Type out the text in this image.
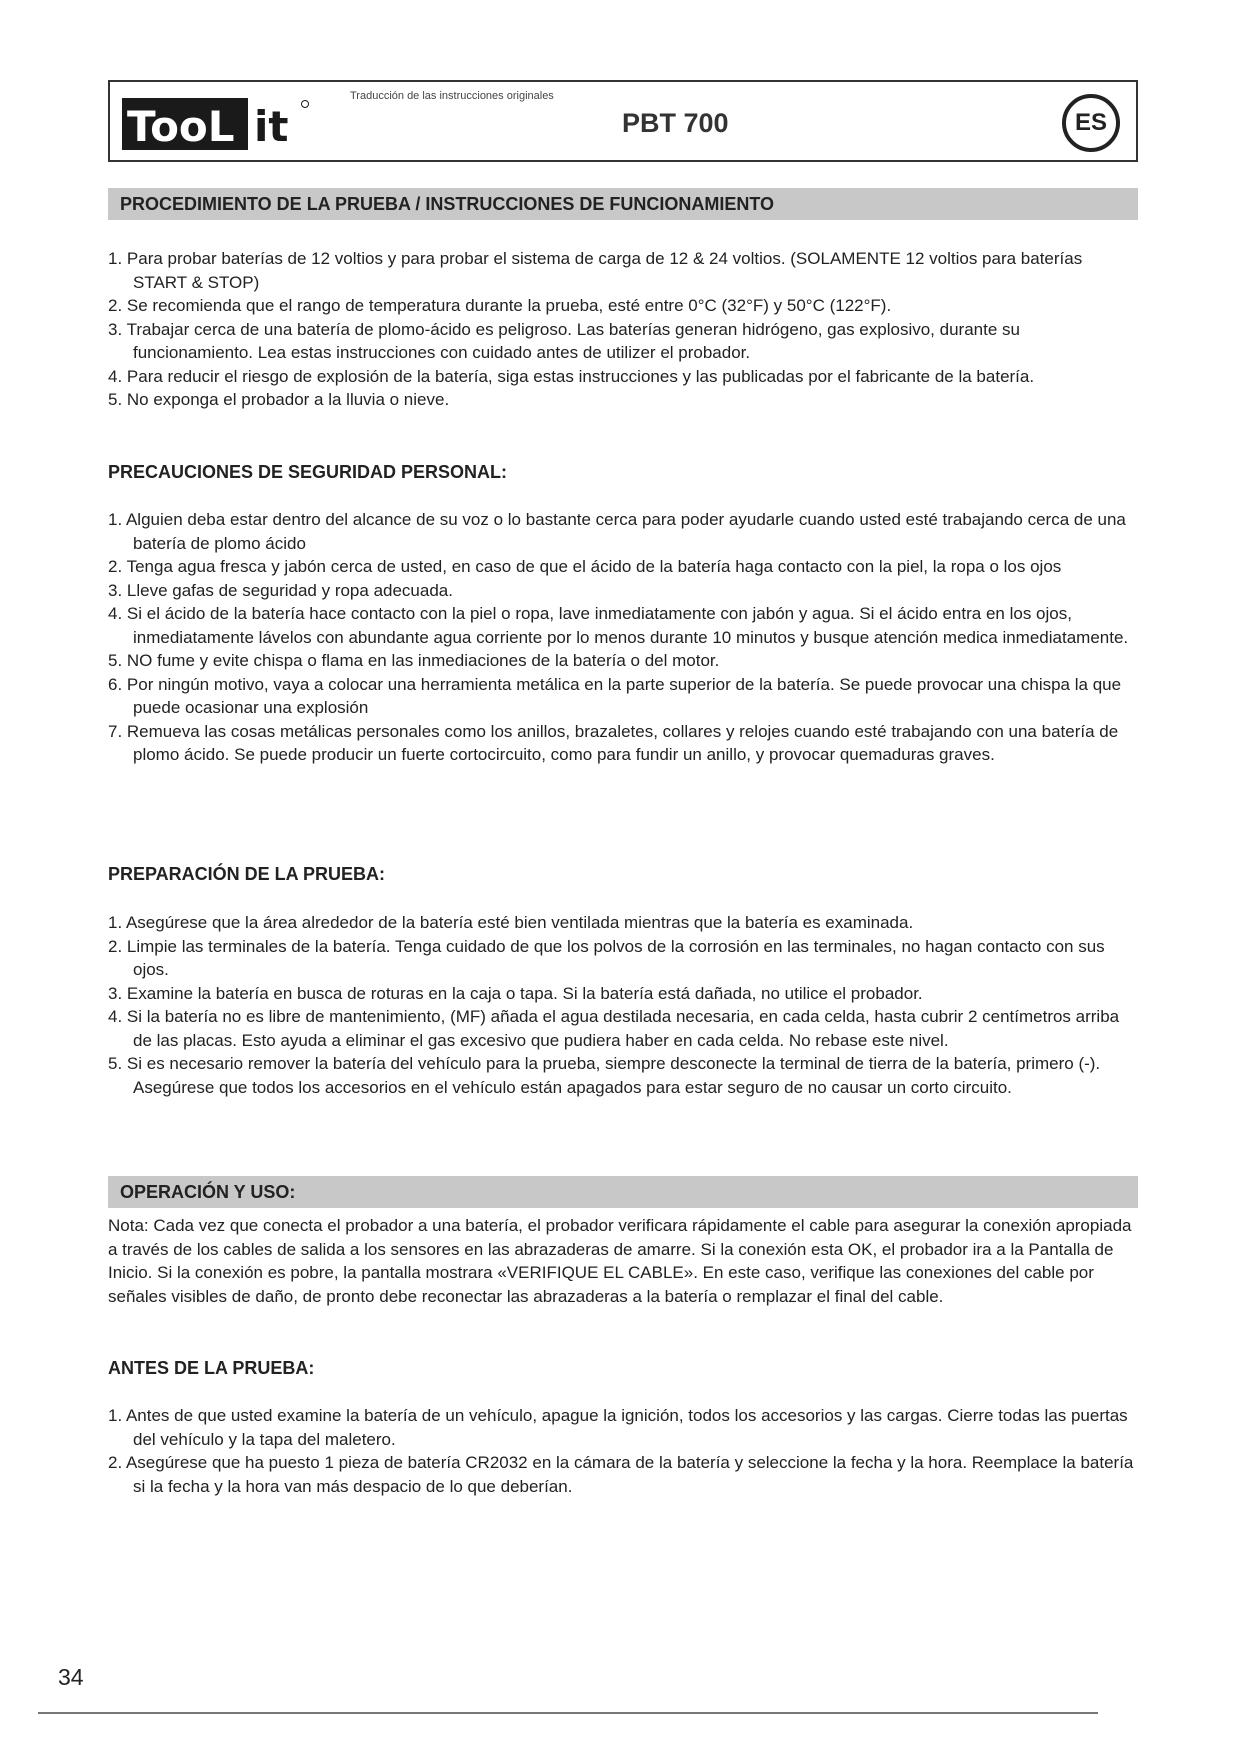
TooL it
Traducción de las instrucciones originales
PBT 700	ES
PROCEDIMIENTO DE LA PRUEBA / INSTRUCCIONES DE FUNCIONAMIENTO
1. Para probar baterías de 12 voltios y para probar el sistema de carga de 12 & 24 voltios. (SOLAMENTE 12 voltios para baterías START & STOP)
2. Se recomienda que el rango de temperatura durante la prueba, esté entre 0°C (32°F) y 50°C (122°F).
3. Trabajar cerca de una batería de plomo-ácido es peligroso. Las baterías generan hidrógeno, gas explosivo, durante su funcionamiento. Lea estas instrucciones con cuidado antes de utilizer el probador.
4. Para reducir el riesgo de explosión de la batería, siga estas instrucciones y las publicadas por el fabricante de la batería.
5. No exponga el probador a la lluvia o nieve.
PRECAUCIONES DE SEGURIDAD PERSONAL:
1. Alguien deba estar dentro del alcance de su voz o lo bastante cerca para poder ayudarle cuando usted esté trabajando cerca de una batería de plomo ácido
2. Tenga agua fresca y jabón cerca de usted, en caso de que el ácido de la batería haga contacto con la piel, la ropa o los ojos
3. Lleve gafas de seguridad y ropa adecuada.
4. Si el ácido de la batería hace contacto con la piel o ropa, lave inmediatamente con jabón y agua. Si el ácido entra en los ojos, inmediatamente lávelos con abundante agua corriente por lo menos durante 10 minutos y busque atención medica inmediatamente.
5. NO fume y evite chispa o flama en las inmediaciones de la batería o del motor.
6. Por ningún motivo, vaya a colocar una herramienta metálica en la parte superior de la batería. Se puede provocar una chispa la que puede ocasionar una explosión
7. Remueva las cosas metálicas personales como los anillos, brazaletes, collares y relojes cuando esté trabajando con una batería de plomo ácido. Se puede producir un fuerte cortocircuito, como para fundir un anillo, y provocar quemaduras graves.
PREPARACIÓN DE LA PRUEBA:
1. Asegúrese que la área alrededor de la batería esté bien ventilada mientras que la batería es examinada.
2. Limpie las terminales de la batería. Tenga cuidado de que los polvos de la corrosión en las terminales, no hagan contacto con sus ojos.
3. Examine la batería en busca de roturas en la caja o tapa. Si la batería está dañada, no utilice el probador.
4. Si la batería no es libre de mantenimiento, (MF) añada el agua destilada necesaria, en cada celda, hasta cubrir 2 centímetros arriba de las placas. Esto ayuda a eliminar el gas excesivo que pudiera haber en cada celda. No rebase este nivel.
5. Si es necesario remover la batería del vehículo para la prueba, siempre desconecte la terminal de tierra de la batería, primero (-). Asegúrese que todos los accesorios en el vehículo están apagados para estar seguro de no causar un corto circuito.
OPERACIÓN Y USO:

Nota: Cada vez que conecta el probador a una batería, el probador verificara rápidamente el cable para asegurar la conexión apropiada a través de los cables de salida a los sensores en las abrazaderas de amarre. Si la conexión esta OK, el probador ira a la Pantalla de Inicio. Si la conexión es pobre, la pantalla mostrara «VERIFIQUE EL CABLE». En este caso, verifique las conexiones del cable por señales visibles de daño, de pronto debe reconectar las abrazaderas a la batería o remplazar el final del cable.

ANTES DE LA PRUEBA:
1. Antes de que usted examine la batería de un vehículo, apague la ignición, todos los accesorios y las cargas. Cierre todas las puertas del vehículo y la tapa del maletero.
2. Asegúrese que ha puesto 1 pieza de batería CR2032 en la cámara de la batería y seleccione la fecha y la hora. Reemplace la batería si la fecha y la hora van más despacio de lo que deberían.
34
